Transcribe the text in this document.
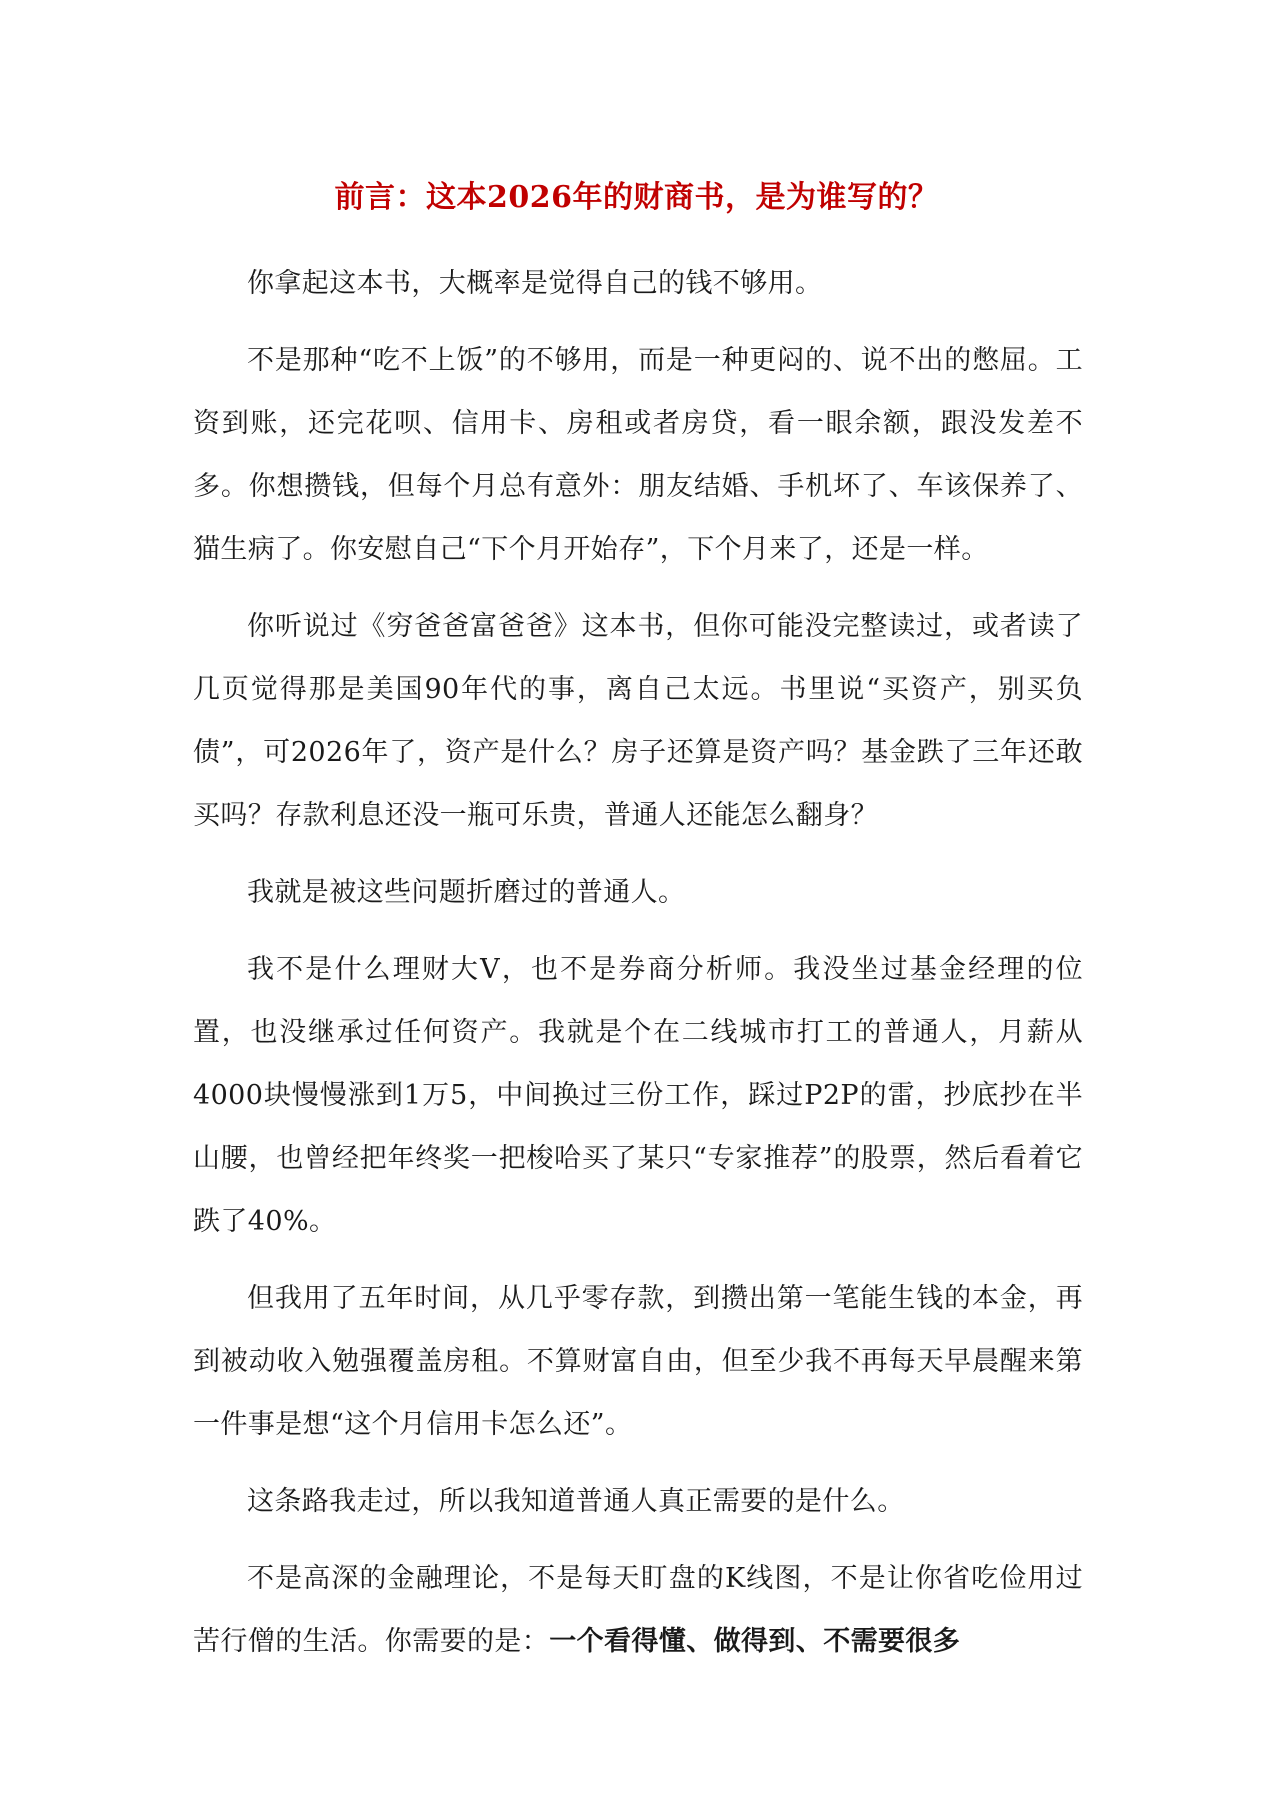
前言：这本2026年的财商书，是为谁写的？

你拿起这本书，大概率是觉得自己的钱不够用。

不是那种“吃不上饭”的不够用，而是一种更闷的、说不出的憋屈。工资到账，还完花呗、信用卡、房租或者房贷，看一眼余额，跟没发差不多。你想攒钱，但每个月总有意外：朋友结婚、手机坏了、车该保养了、猫生病了。你安慰自己“下个月开始存”，下个月来了，还是一样。

你听说过《穷爸爸富爸爸》这本书，但你可能没完整读过，或者读了几页觉得那是美国90年代的事，离自己太远。书里说“买资产，别买负债”，可2026年了，资产是什么？房子还算是资产吗？基金跌了三年还敢买吗？存款利息还没一瓶可乐贵，普通人还能怎么翻身？

我就是被这些问题折磨过的普通人。

我不是什么理财大V，也不是券商分析师。我没坐过基金经理的位置，也没继承过任何资产。我就是个在二线城市打工的普通人，月薪从4000块慢慢涨到1万5，中间换过三份工作，踩过P2P的雷，抄底抄在半山腰，也曾经把年终奖一把梭哈买了某只“专家推荐”的股票，然后看着它跌了40%。

但我用了五年时间，从几乎零存款，到攒出第一笔能生钱的本金，再到被动收入勉强覆盖房租。不算财富自由，但至少我不再每天早晨醒来第一件事是想“这个月信用卡怎么还”。

这条路我走过，所以我知道普通人真正需要的是什么。

不是高深的金融理论，不是每天盯盘的K线图，不是让你省吃俭用过苦行僧的生活。你需要的是：一个看得懂、做得到、不需要很多
